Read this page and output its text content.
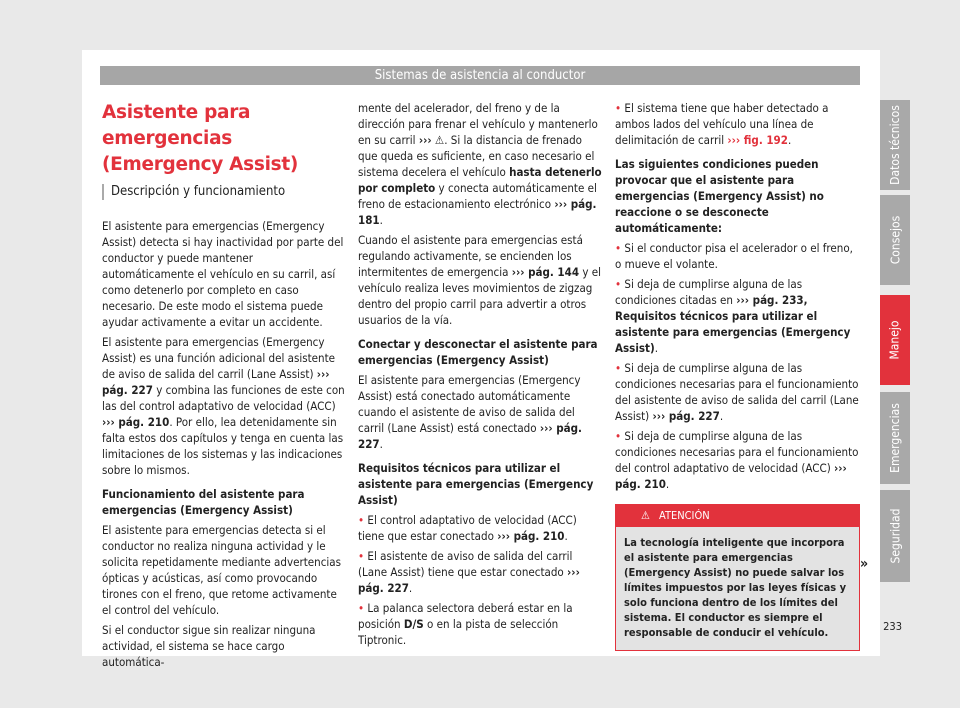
Sistemas de asistencia al conductor
Asistente para emergencias
(Emergency Assist)
Descripción y funcionamiento

El asistente para emergencias (Emergency Assist) detecta si hay inactividad por parte del conductor y puede mantener automáticamente el vehículo en su carril, así como detenerlo por completo en caso necesario. De este modo el sistema puede ayudar activamente a evitar un accidente.

El asistente para emergencias (Emergency Assist) es una función adicional del asistente de aviso de salida del carril (Lane Assist) ››› pág. 227 y combina las funciones de este con las del control adaptativo de velocidad (ACC) ››› pág. 210. Por ello, lea detenidamente sin falta estos dos capítulos y tenga en cuenta las limitaciones de los sistemas y las indicaciones sobre lo mismos.

Funcionamiento del asistente para emergencias (Emergency Assist)

El asistente para emergencias detecta si el conductor no realiza ninguna actividad y le solicita repetidamente mediante advertencias ópticas y acústicas, así como provocando tirones con el freno, que retome activamente el control del vehículo.

Si el conductor sigue sin realizar ninguna actividad, el sistema se hace cargo automática-

mente del acelerador, del freno y de la dirección para frenar el vehículo y mantenerlo en su carril ››› ⚠. Si la distancia de frenado que queda es suficiente, en caso necesario el sistema decelera el vehículo hasta detenerlo por completo y conecta automáticamente el freno de estacionamiento electrónico ››› pág. 181.

Cuando el asistente para emergencias está regulando activamente, se encienden los intermitentes de emergencia ››› pág. 144 y el vehículo realiza leves movimientos de zigzag dentro del propio carril para advertir a otros usuarios de la vía.

Conectar y desconectar el asistente para emergencias (Emergency Assist)

El asistente para emergencias (Emergency Assist) está conectado automáticamente cuando el asistente de aviso de salida del carril (Lane Assist) está conectado ››› pág. 227.

Requisitos técnicos para utilizar el asistente para emergencias (Emergency Assist)

• El control adaptativo de velocidad (ACC) tiene que estar conectado ››› pág. 210.

• El asistente de aviso de salida del carril (Lane Assist) tiene que estar conectado ››› pág. 227.

• La palanca selectora deberá estar en la posición D/S o en la pista de selección Tiptronic.

• El sistema tiene que haber detectado a ambos lados del vehículo una línea de delimitación de carril ››› fig. 192.

Las siguientes condiciones pueden provocar que el asistente para emergencias (Emergency Assist) no reaccione o se desconecte automáticamente:

• Si el conductor pisa el acelerador o el freno, o mueve el volante.

• Si deja de cumplirse alguna de las condiciones citadas en ››› pág. 233, Requisitos técnicos para utilizar el asistente para emergencias (Emergency Assist).

• Si deja de cumplirse alguna de las condiciones necesarias para el funcionamiento del asistente de aviso de salida del carril (Lane Assist) ››› pág. 227.

• Si deja de cumplirse alguna de las condiciones necesarias para el funcionamiento del control adaptativo de velocidad (ACC) ››› pág. 210.

⚠ ATENCIÓN
La tecnología inteligente que incorpora el asistente para emergencias (Emergency Assist) no puede salvar los límites impuestos por las leyes físicas y solo funciona dentro de los límites del sistema. El conductor es siempre el responsable de conducir el vehículo.
»
Datos técnicos
Consejos
Manejo
Emergencias
Seguridad
233
